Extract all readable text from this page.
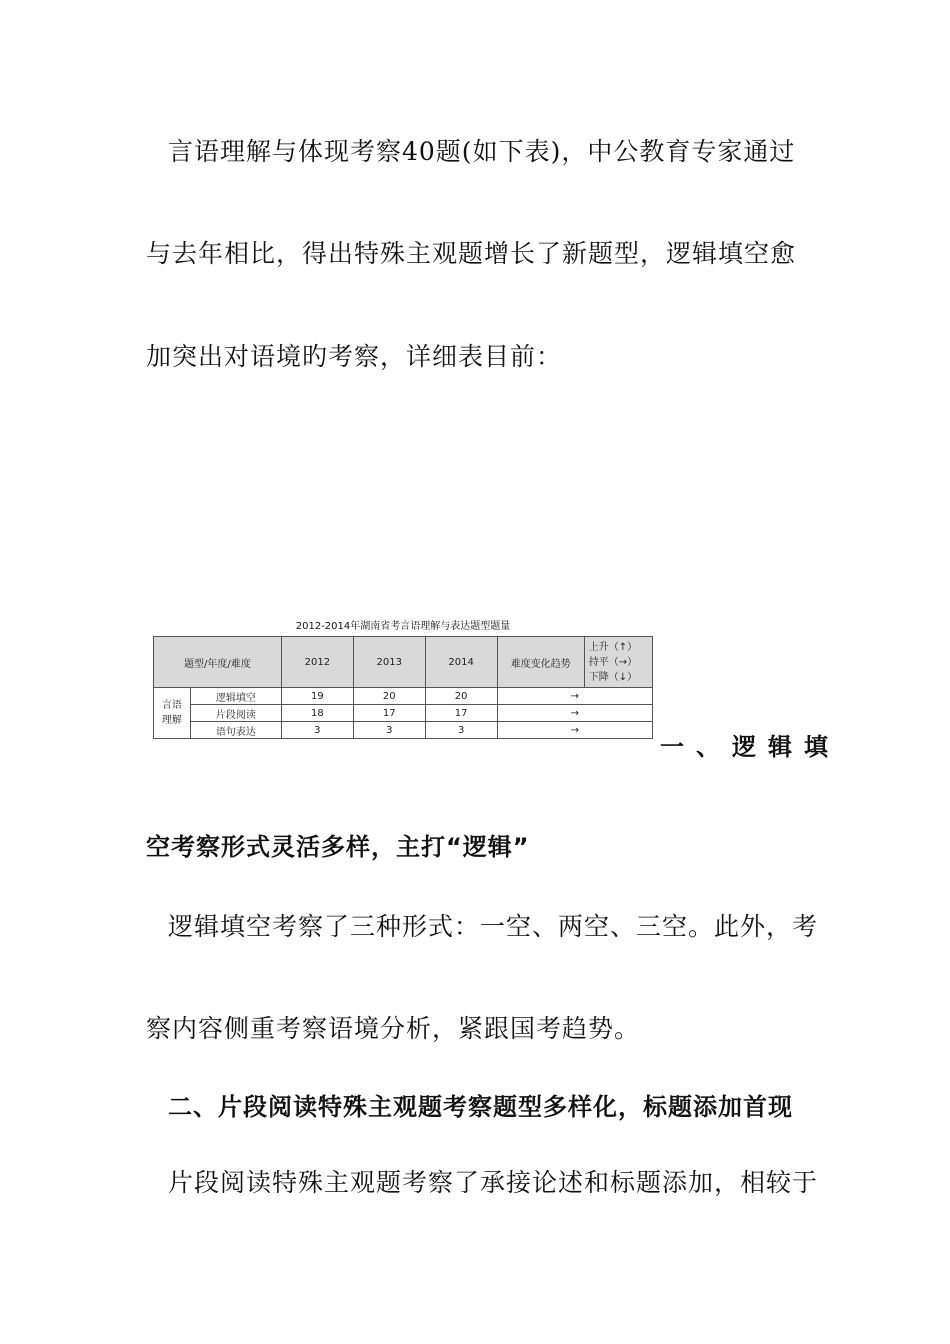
言语理解与体现考察40题(如下表)，中公教育专家通过
与去年相比，得出特殊主观题增长了新题型，逻辑填空愈
加突出对语境旳考察，详细表目前：
2012-2014年湖南省考言语理解与表达题型题量
题型/年度/难度		2012	2013	2014	难度变化趋势	上升（↑）
持平（→）
下降（↓）

言语理解	逻辑填空	19	20	20	→	
	片段阅读	18	17	17	→	
	语句表达	3	3	3	→	
一、逻辑填
空考察形式灵活多样，主打“逻辑”
逻辑填空考察了三种形式：一空、两空、三空。此外，考
察内容侧重考察语境分析，紧跟国考趋势。
二、片段阅读特殊主观题考察题型多样化，标题添加首现
片段阅读特殊主观题考察了承接论述和标题添加，相较于
